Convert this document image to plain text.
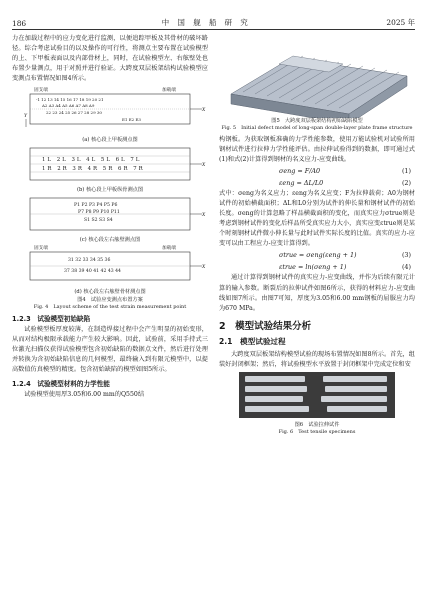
186	中 国 舰 船 研 究	2025 年

力在加载过程中的应力变化进行监测，以便追踪甲板及其骨材的破坏路径。综合考虑试验目的以及操作的可行性，将测点主要布置在试验模型的上、下甲板表面以及内部骨材上，同时，在试验模型左、右舷壁处也布置少量测点，用于对照并进行验证。大跨度双层板架结构试验模型应变测点布置情况如图4所示。

固支端	加载端
-1 12 13 14 15 16 17 18 19 20 21
A2 A3 A4 A5 A6 A7 A8 A9
22 23 24 25 26 27 28 29 30
E1 E2 E3
X
Y

(a) 核心段上甲板测点图

1L 2L 3L 4L 5L 6L 7L
1R 2R 3R 4R 5R 6R 7R
X

(b) 核心段上甲板纵骨测点图

P1 P2 P3 P4 P5 P6
P7 P8 P9 P10 P11
S1 S2 S3 S4
X

(c) 核心段左右舷壁测点图

固支端	加载端
31 32 33 34 35 36
37 38 39 40 41 42 43 44
X

(d) 核心段左右舷壁骨材测点图

图4　试验应变测点布置方案

Fig. 4　Layout scheme of the test strain measurement point

1.2.3　试验模型初始缺陷

试验模型板厚度较薄，在制造焊接过程中会产生明显的初始变形，从而对结构极限承载能力产生较大影响。因此，试验前，采用手持式三位激光扫描仪获得试验模型包含初始缺陷的数据点文件，然后进行处理并转换为含初始缺陷信息的几何模型，最终输入到有限元模型中，以提高数值仿真模型的精度。包含初始缺陷的模型如图5所示。

1.2.4　试验模型材料的力学性能

试验模型使用厚3.05和6.00 mm的Q550结

图5　大跨度双层板架结构初始缺陷模型

Fig. 5　Initial defect model of long-span double-layer plate frame structure

构钢板。为获取钢板准确的力学性能参数，使用万能试验机对试验所用钢材试件进行拉伸力学性能评估。由拉伸试验得到的数据，即可通过式(1)和式(2)计算得到钢材的名义应力-应变曲线。

σeng = F/A0	(1)
εeng = ΔL/L0	(2)

式中：σeng为名义应力；εeng为名义应变；F为拉伸载荷；A0为钢材试件的初始横截面积；ΔL和L0分别为试件的伸长量和钢材试件的初始长度。σeng的计算忽略了样品横截面积的变化，而真实应力σtrue则是考虑到钢材试件的变化后样品所受真实应力大小，真实应变εtrue则是某个时刻钢材试件微小伸长量与此时试件实际长度的比值。真实的应力-应变可以由工程应力-应变计算得到。

σtrue = σeng(εeng + 1)	(3)
εtrue = ln(σeng + 1)	(4)

通过计算得到钢材试件的真实应力-应变曲线，并作为后续有限元计算的输入参数。断裂后的拉伸试件如图6所示，获得的材料应力-应变曲线如图7所示。由图7可知，厚度为3.05和6.00 mm钢板的屈服应力均为670 MPa。

2　模型试验结果分析

2.1　模型试验过程

大跨度双层板架结构模型试验的现场布置情况如图8所示。首先，组装好封闭框架；然后，将试验模型水平放置于封闭框架中完成定位和安

图6　试验拉伸试件

Fig. 6　Test tensile specimens
